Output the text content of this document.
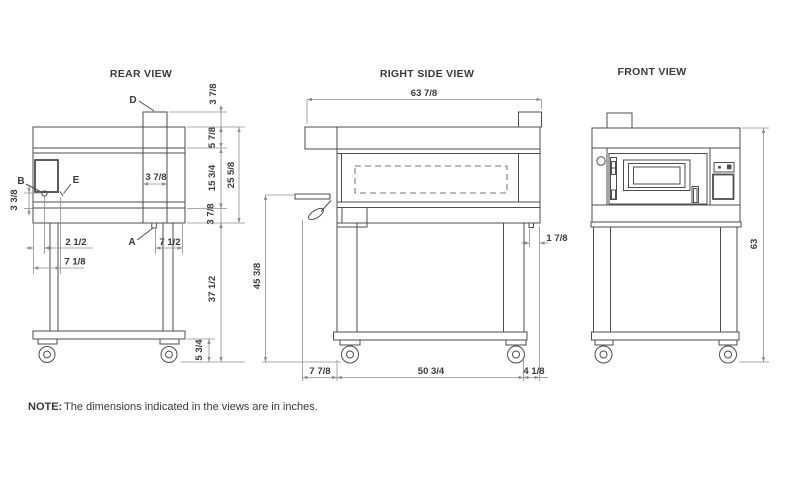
REAR VIEW
3 7/8
5 7/8
15 3/4
3 7/8
25 5/8
3 7/8
37 1/2
5 3/4
2 1/2
7 1/8
7 1/2
3 3/8
D
B	E
A
RIGHT SIDE VIEW
63 7/8
45 3/8
1 7/8
7 7/8	50 3/4	4 1/8
FRONT VIEW
63
NOTE: The dimensions indicated in the views are in inches.
